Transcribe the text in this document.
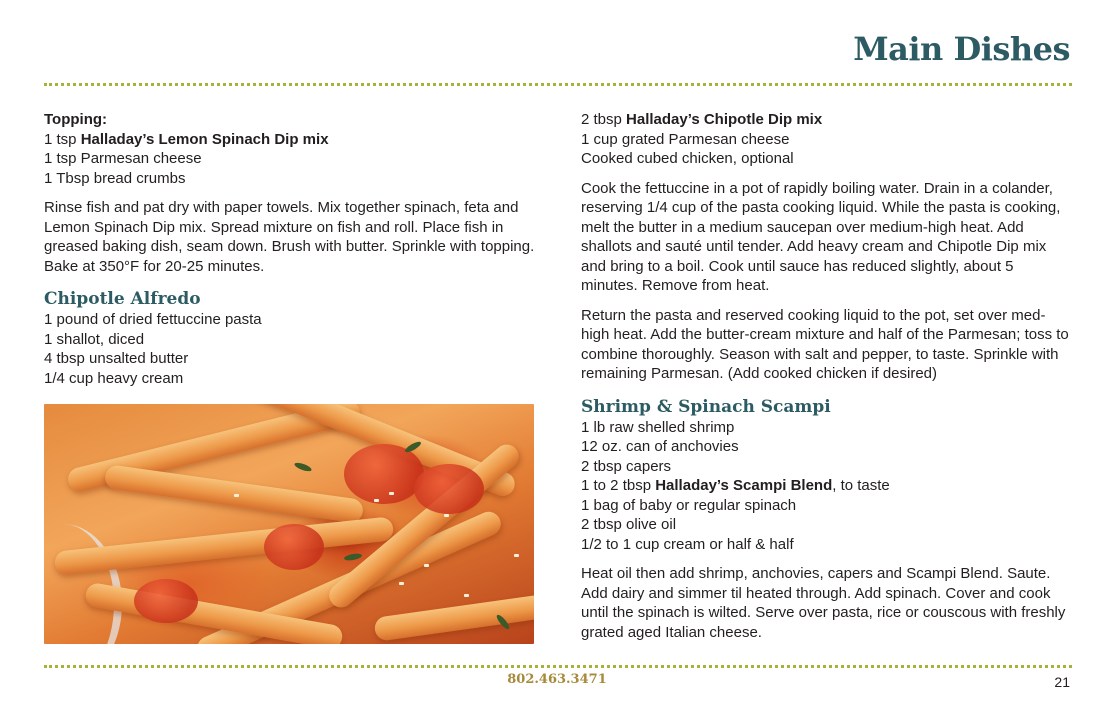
Main Dishes

Topping:

1 tsp Halladay’s Lemon Spinach Dip mix
1 tsp Parmesan cheese
1 Tbsp bread crumbs

Rinse fish and pat dry with paper towels. Mix together spinach, feta and Lemon Spinach Dip mix. Spread mixture on fish and roll. Place fish in greased baking dish, seam down. Brush with butter. Sprinkle with topping. Bake at 350°F for 20-25 minutes.

Chipotle Alfredo
1 pound of dried fettuccine pasta
1 shallot, diced
4 tbsp unsalted butter
1/4 cup heavy cream
2 tbsp Halladay’s Chipotle Dip mix
1 cup grated Parmesan cheese
Cooked cubed chicken, optional

Cook the fettuccine in a pot of rapidly boiling water. Drain in a colander, reserving 1/4 cup of the pasta cooking liquid. While the pasta is cooking, melt the butter in a medium saucepan over medium-high heat. Add shallots and sauté until tender. Add heavy cream and Chipotle Dip mix and bring to a boil. Cook until sauce has reduced slightly, about 5 minutes. Remove from heat.

Return the pasta and reserved cooking liquid to the pot, set over med-high heat. Add the butter-cream mixture and half of the Parmesan; toss to combine thoroughly. Season with salt and pepper, to taste. Sprinkle with remaining Parmesan. (Add cooked chicken if desired)

Shrimp & Spinach Scampi
1 lb raw shelled shrimp
12 oz. can of anchovies
2 tbsp capers
1 to 2 tbsp Halladay’s Scampi Blend, to taste
1 bag of baby or regular spinach
2 tbsp olive oil
1/2 to 1 cup cream or half & half

Heat oil then add shrimp, anchovies, capers and Scampi Blend. Saute. Add dairy and simmer til heated through. Add spinach. Cover and cook until the spinach is wilted. Serve over pasta, rice or couscous with freshly grated aged Italian cheese.

802.463.3471	21
